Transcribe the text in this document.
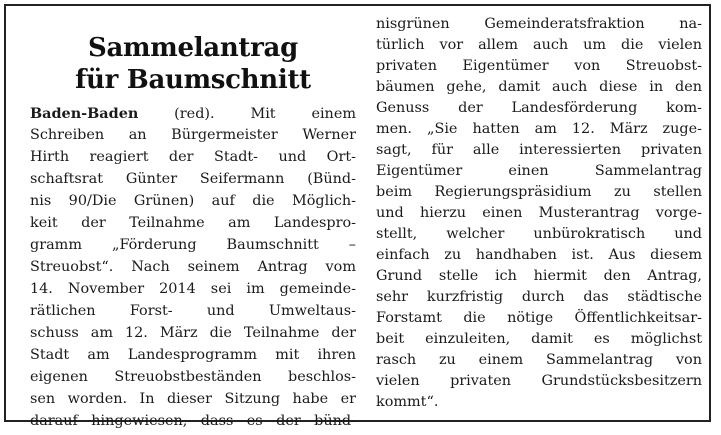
Sammelantrag
für Baumschnitt
Baden-Baden (red). Mit einem
Schreiben an Bürgermeister Werner
Hirth reagiert der Stadt- und Ort-
schaftsrat Günter Seifermann (Bünd-
nis 90/Die Grünen) auf die Möglich-
keit der Teilnahme am Landespro-
gramm „Förderung Baumschnitt –
Streuobst“. Nach seinem Antrag vom
14. November 2014 sei im gemeinde-
rätlichen Forst- und Umweltaus-
schuss am 12. März die Teilnahme der
Stadt am Landesprogramm mit ihren
eigenen Streuobstbeständen beschlos-
sen worden. In dieser Sitzung habe er
darauf hingewiesen, dass es der bünd-
nisgrünen Gemeinderatsfraktion na-
türlich vor allem auch um die vielen
privaten Eigentümer von Streuobst-
bäumen gehe, damit auch diese in den
Genuss der Landesförderung kom-
men. „Sie hatten am 12. März zuge-
sagt, für alle interessierten privaten
Eigentümer einen Sammelantrag
beim Regierungspräsidium zu stellen
und hierzu einen Musterantrag vorge-
stellt, welcher unbürokratisch und
einfach zu handhaben ist. Aus diesem
Grund stelle ich hiermit den Antrag,
sehr kurzfristig durch das städtische
Forstamt die nötige Öffentlichkeitsar-
beit einzuleiten, damit es möglichst
rasch zu einem Sammelantrag von
vielen privaten Grundstücksbesitzern
kommt“.
